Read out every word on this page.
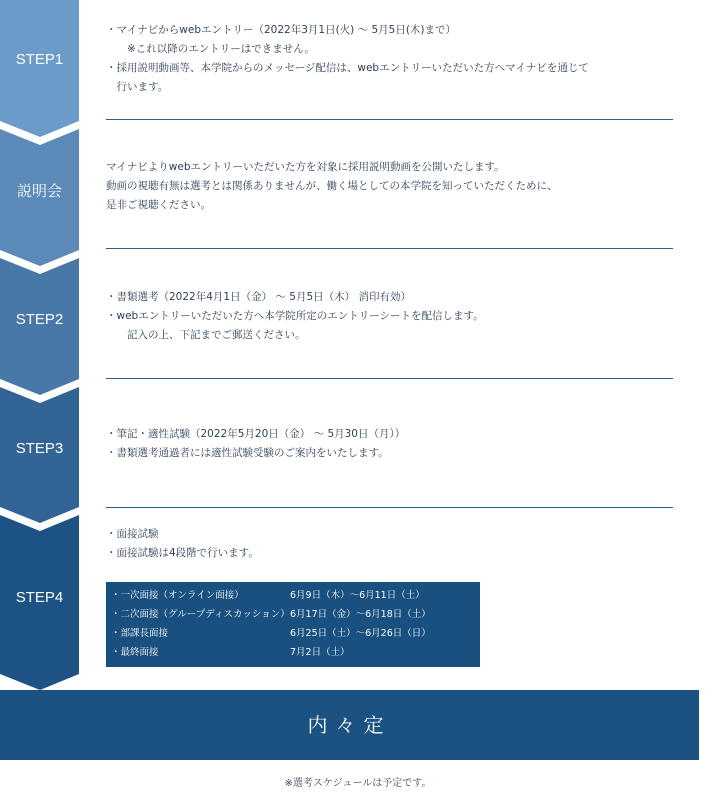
STEP1
説明会
STEP2
STEP3
STEP4

・マイナビからwebエントリー（2022年3月1日(火) ～ 5月5日(木)まで）

　　※これ以降のエントリーはできません。

・採用説明動画等、本学院からのメッセージ配信は、webエントリーいただいた方へマイナビを通じて

　行います。

マイナビよりwebエントリーいただいた方を対象に採用説明動画を公開いたします。

動画の視聴有無は選考とは関係ありませんが、働く場としての本学院を知っていただくために、

是非ご視聴ください。

・書類選考（2022年4月1日（金） ～ 5月5日（木） 消印有効）

・webエントリーいただいた方へ本学院所定のエントリーシートを配信します。

　　記入の上、下記までご郵送ください。

・筆記・適性試験（2022年5月20日（金） ～ 5月30日（月））

・書類選考通過者には適性試験受験のご案内をいたします。

・面接試験

・面接試験は4段階で行います。

・一次面接（オンライン面接）	6月9日（木）～6月11日（土）
・二次面接（グループディスカッション） 6月17日（金）～6月18日（土）
・部課長面接	6月25日（土）～6月26日（日）
・最終面接	7月2日（土）
内々定
※選考スケジュールは予定です。
